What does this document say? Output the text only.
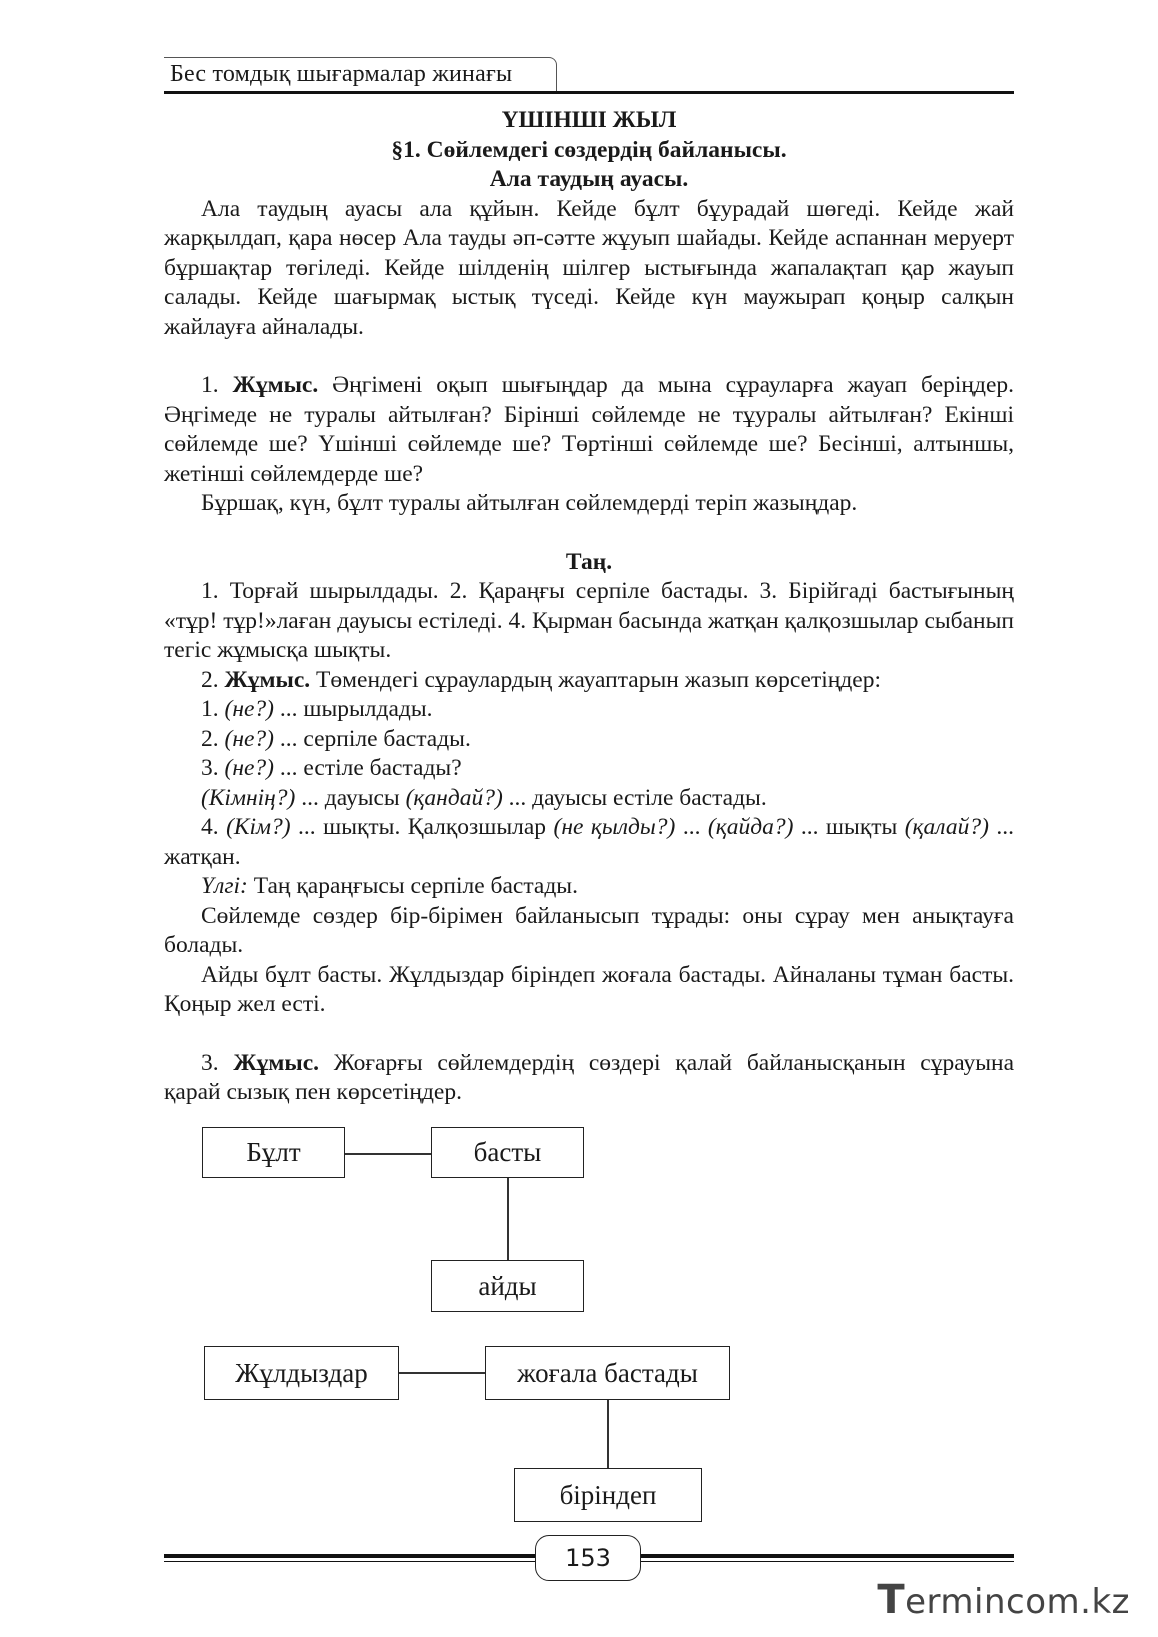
Бес томдық шығармалар жинағы

ҮШІНШІ ЖЫЛ

§1. Сөйлемдегі сөздердің байланысы.

Ала таудың ауасы.

Ала таудың ауасы ала құйын. Кейде бұлт бұурадай шөгеді. Кейде жай жарқылдап, қара нөсер Ала тауды әп-сәтте жұуып шайады. Кейде аспаннан меруерт бұршақтар төгіледі. Кейде шілденің шілгер ыстығында жапалақтап қар жауып салады. Кейде шағырмақ ыстық түседі. Кейде күн маужырап қоңыр салқын жайлауға айналады.

1. Жұмыс. Әңгімені оқып шығыңдар да мына сұрауларға жауап беріңдер. Әңгімеде не туралы айтылған? Бірінші сөйлемде не тұуралы айтылған? Екінші сөйлемде ше? Үшінші сөйлемде ше? Төртінші сөйлемде ше? Бесінші, алтыншы, жетінші сөйлемдерде ше?

Бұршақ, күн, бұлт туралы айтылған сөйлемдерді теріп жазыңдар.

Таң.

1. Торғай шырылдады. 2. Қараңғы серпіле бастады. 3. Бірійгаді бастығының «тұр! тұр!»лаған дауысы естіледі. 4. Қырман басында жатқан қалқозшылар сыбанып тегіс жұмысқа шықты.

2. Жұмыс. Төмендегі сұраулардың жауаптарын жазып көрсетіңдер:

1. (не?) ... шырылдады.

2. (не?) ... серпіле бастады.

3. (не?) ... естіле бастады?

(Кімнің?) ... дауысы (қандай?) ... дауысы естіле бастады.

4. (Кім?) ... шықты. Қалқозшылар (не қылды?) ... (қайда?) ... шықты (қалай?) ... жатқан.

Үлгі: Таң қараңғысы серпіле бастады.

Сөйлемде сөздер бір-бірімен байланысып тұрады: оны сұрау мен анықтауға болады.

Айды бұлт басты. Жұлдыздар біріндеп жоғала бастады. Айналаны тұман басты. Қоңыр жел есті.

3. Жұмыс. Жоғарғы сөйлемдердің сөздері қалай байланысқанын сұрауына қарай сызық пен көрсетіңдер.

Бұлт	басты
айды
Жұлдыздар	жоғала бастады
біріндеп
153
Termincom.kz
